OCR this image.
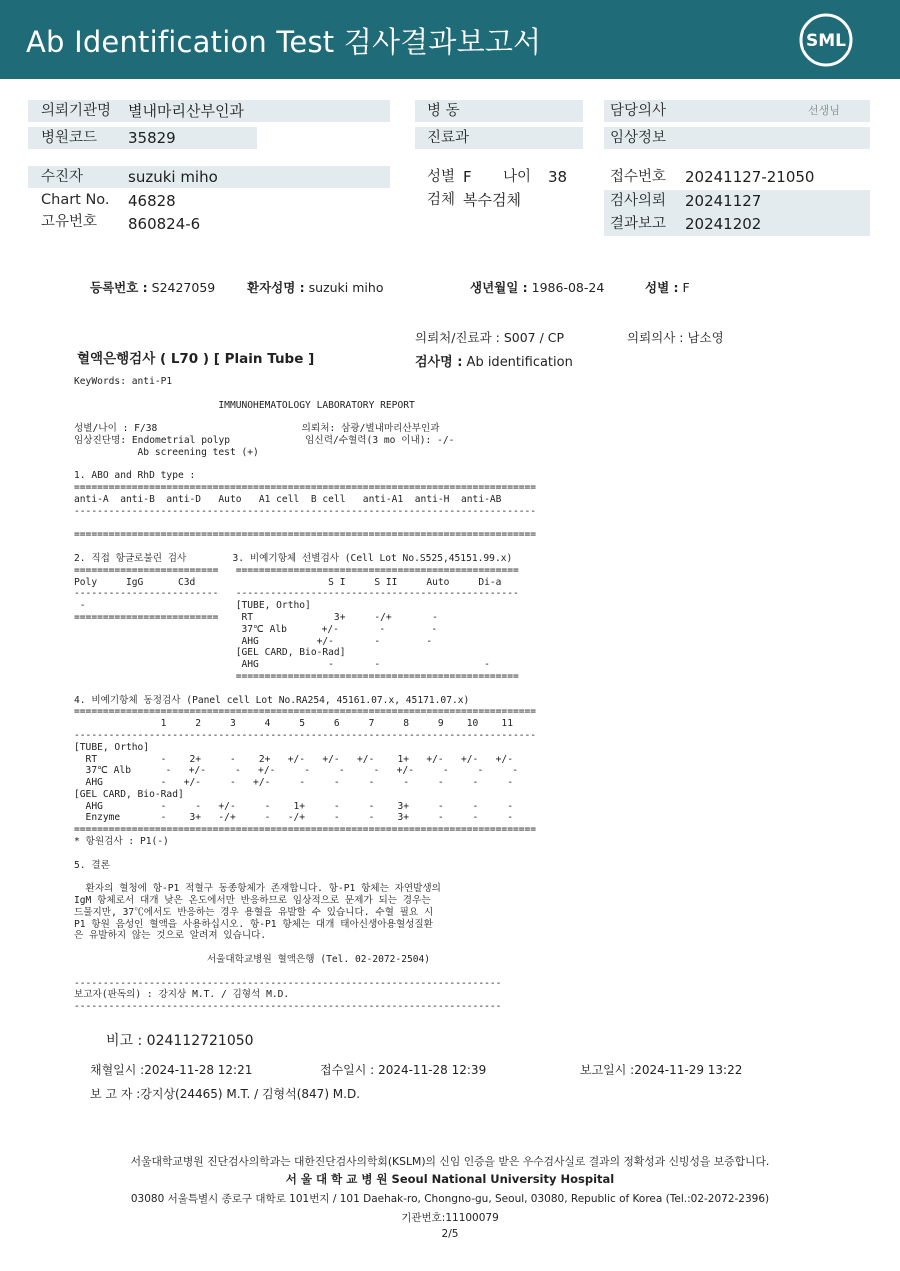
Ab Identification Test 검사결과보고서	SML
의뢰기관명 별내마리산부인과
병원코드 35829
수진자	suzuki miho
Chart No. 46828
고유번호 860824-6
병 동
진료과
성별 F 나이 38
검체 복수검체
담당의사	선생님
임상정보
접수번호 20241127-21050
검사의뢰 20241127
결과보고 20241202
등록번호 : S2427059	환자성명 : suzuki miho	생년월일 : 1986-08-24	성별 : F
의뢰처/진료과 : S007 / CP	의뢰의사 : 남소영
혈액은행검사 ( L70 ) [ Plain Tube ]	검사명 : Ab identification
KeyWords: anti-P1

IMMUNOHEMATOLOGY LABORATORY REPORT

성별/나이 : F/38                         의뢰처: 삼광/별내마리산부인과
임상진단명: Endometrial polyp             임신력/수혈력(3 mo 이내): -/-
Ab screening test (+)

1. ABO and RhD type :
================================================================================
anti-A  anti-B  anti-D   Auto   A1 cell  B cell   anti-A1  anti-H  anti-AB
--------------------------------------------------------------------------------

================================================================================

2. 직접 항글로불린 검사        3. 비예기항체 선별검사 (Cell Lot No.S525,45151.99.x)
=========================   =================================================
Poly     IgG      C3d                       S I     S II     Auto     Di-a
-------------------------   -------------------------------------------------
-                          [TUBE, Ortho]
=========================    RT              3+     -/+       -
37℃ Alb      +/-       -        -
AHG          +/-       -        -
[GEL CARD, Bio-Rad]
AHG            -       -                  -
=================================================

4. 비예기항체 동정검사 (Panel cell Lot No.RA254, 45161.07.x, 45171.07.x)
================================================================================
1     2     3     4     5     6     7     8     9    10    11
--------------------------------------------------------------------------------
[TUBE, Ortho]
RT           -    2+     -    2+   +/-   +/-   +/-    1+   +/-   +/-   +/-
37℃ Alb      -   +/-     -   +/-     -     -     -   +/-     -     -     -
AHG          -   +/-     -   +/-     -     -     -     -     -     -     -
[GEL CARD, Bio-Rad]
AHG          -     -   +/-     -    1+     -     -    3+     -     -     -
Enzyme       -    3+   -/+     -   -/+     -     -    3+     -     -     -
================================================================================
* 항원검사 : P1(-)

5. 결론

환자의 혈청에 항-P1 적혈구 동종항체가 존재합니다. 항-P1 항체는 자연발생의
IgM 항체로서 대개 낮은 온도에서만 반응하므로 임상적으로 문제가 되는 경우는
드물지만, 37℃에서도 반응하는 경우 용혈을 유발할 수 있습니다. 수혈 필요 시
P1 항원 음성인 혈액을 사용하십시오. 항-P1 항체는 대개 태아신생아용혈성질환
은 유발하지 않는 것으로 알려져 있습니다.

서울대학교병원 혈액은행 (Tel. 02-2072-2504)

--------------------------------------------------------------------------
보고자(판독의) : 강지상 M.T. / 김형석 M.D.
--------------------------------------------------------------------------
비고 : 024112721050
채혈일시 :2024-11-28 12:21	접수일시 : 2024-11-28 12:39	보고일시 :2024-11-29 13:22
보 고 자 :강지상(24465) M.T. / 김형석(847) M.D.
서울대학교병원 진단검사의학과는 대한진단검사의학회(KSLM)의 신임 인증을 받은 우수검사실로 결과의 정확성과 신빙성을 보증합니다.
서 울 대 학 교 병 원 Seoul National University Hospital
03080 서울특별시 종로구 대학로 101번지 / 101 Daehak-ro, Chongno-gu, Seoul, 03080, Republic of Korea (Tel.:02-2072-2396)
기관번호:11100079
2/5
